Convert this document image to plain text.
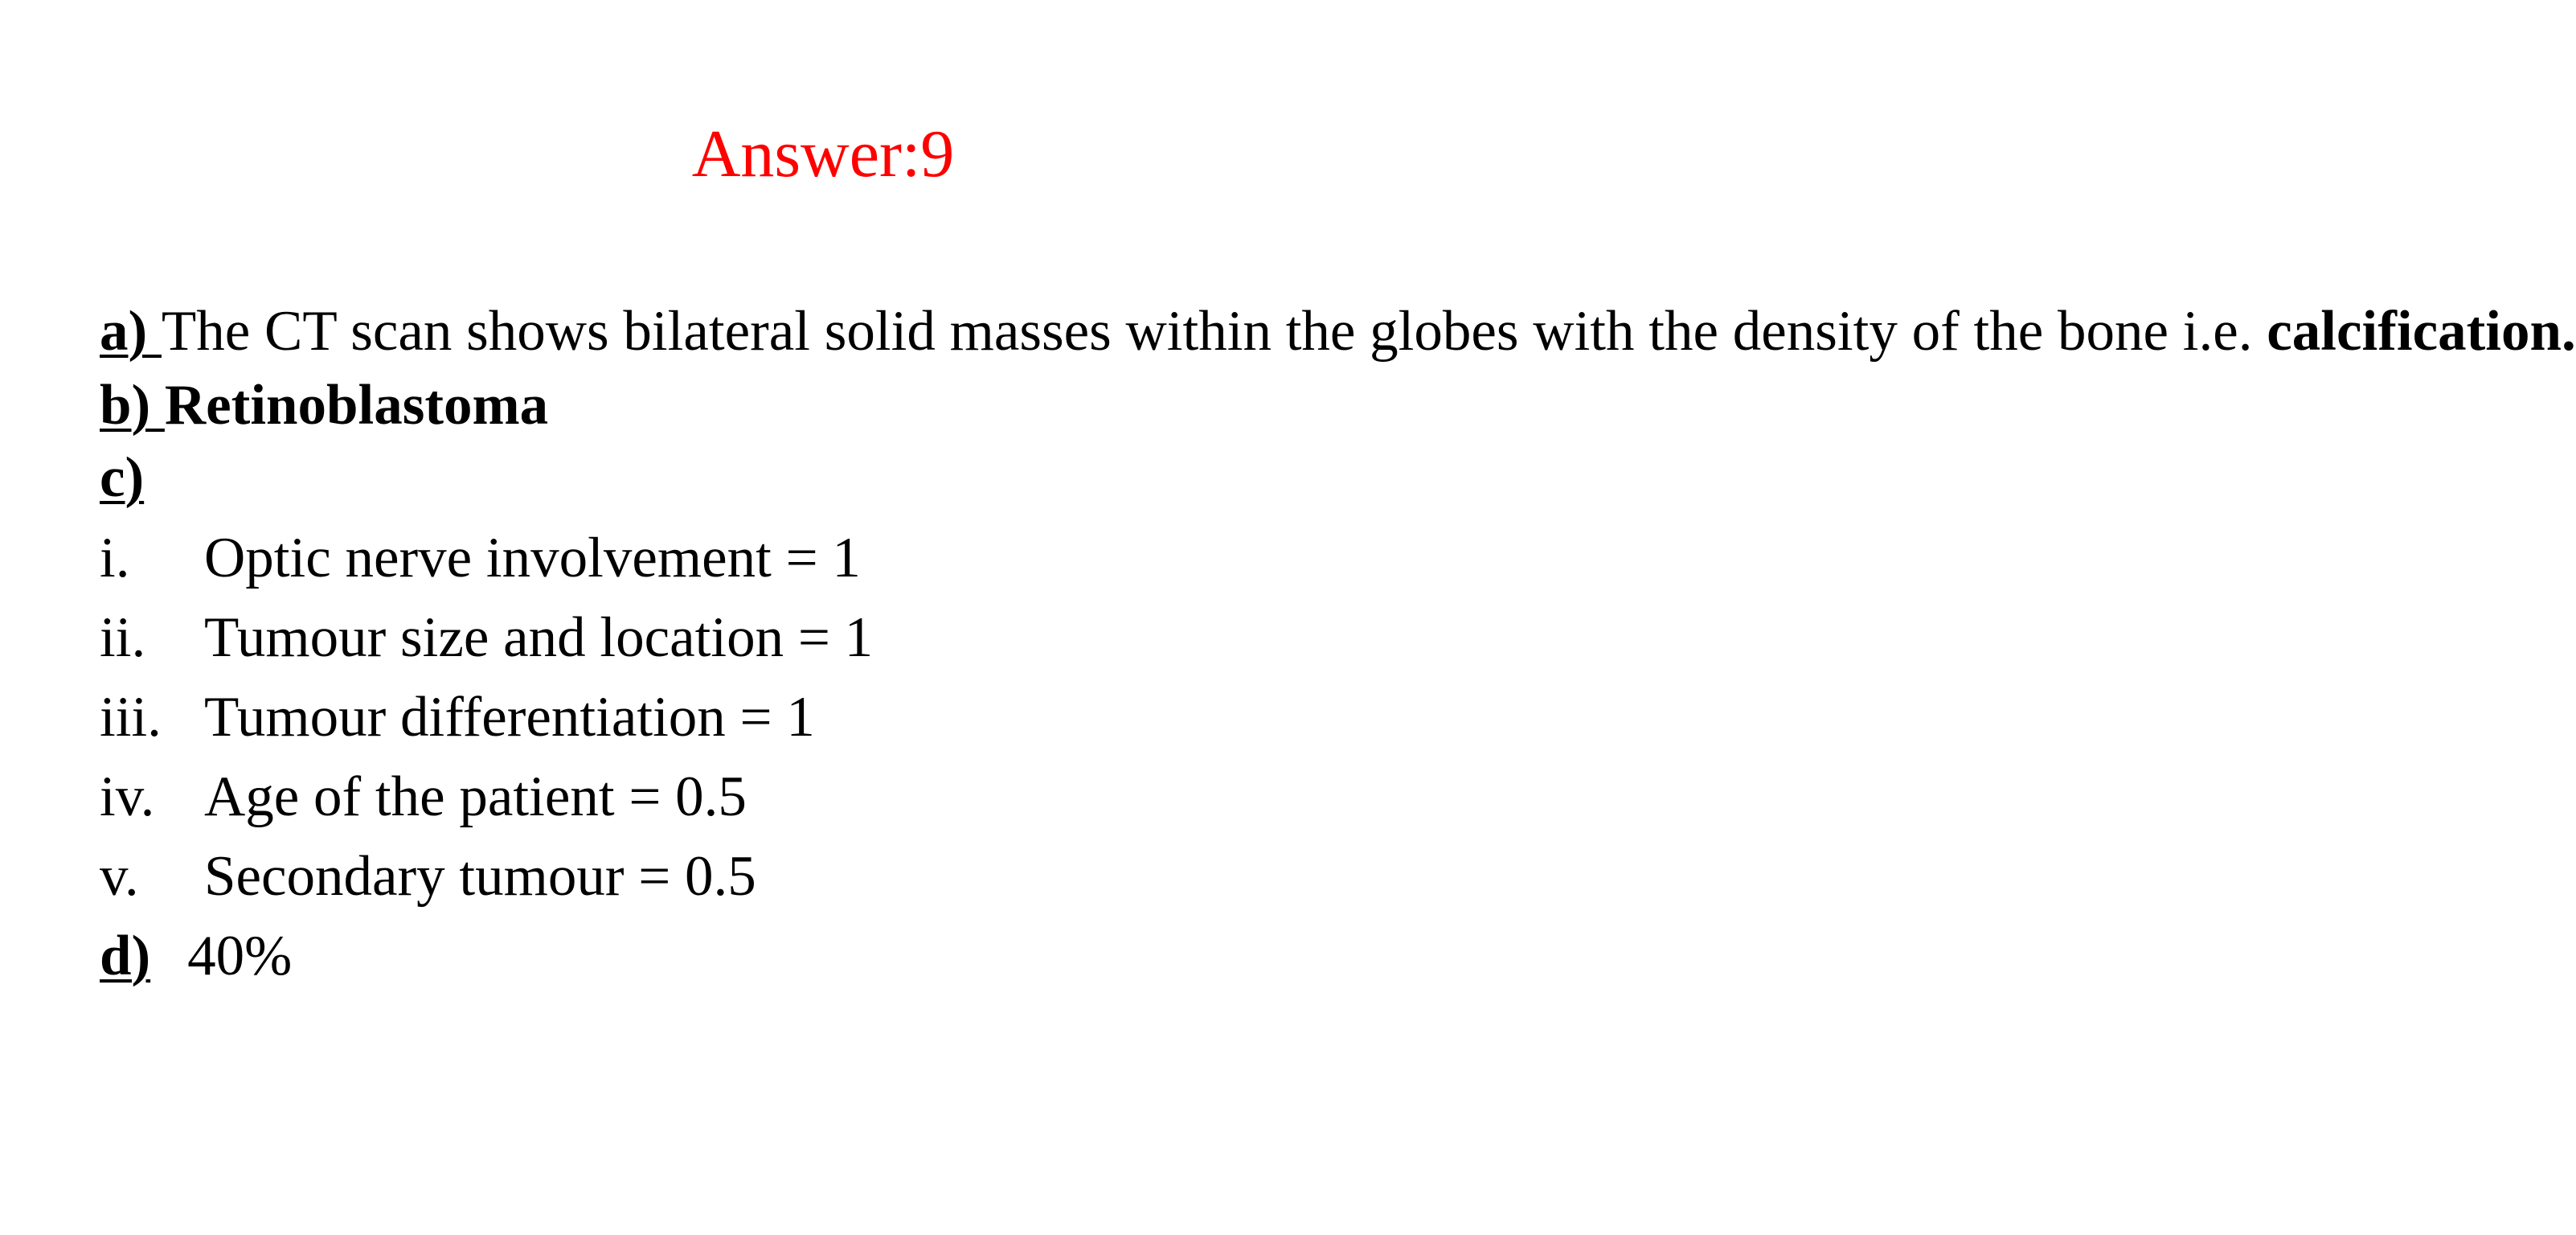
Answer:9
a) The CT scan shows bilateral solid masses within the globes with the density of the bone i.e. calcification.
b) Retinoblastoma
c)
i.	Optic nerve involvement = 1
ii.	Tumour size and location = 1
iii. Tumour differentiation = 1
iv. Age of the patient = 0.5
v.	Secondary tumour = 0.5
d) 40%
